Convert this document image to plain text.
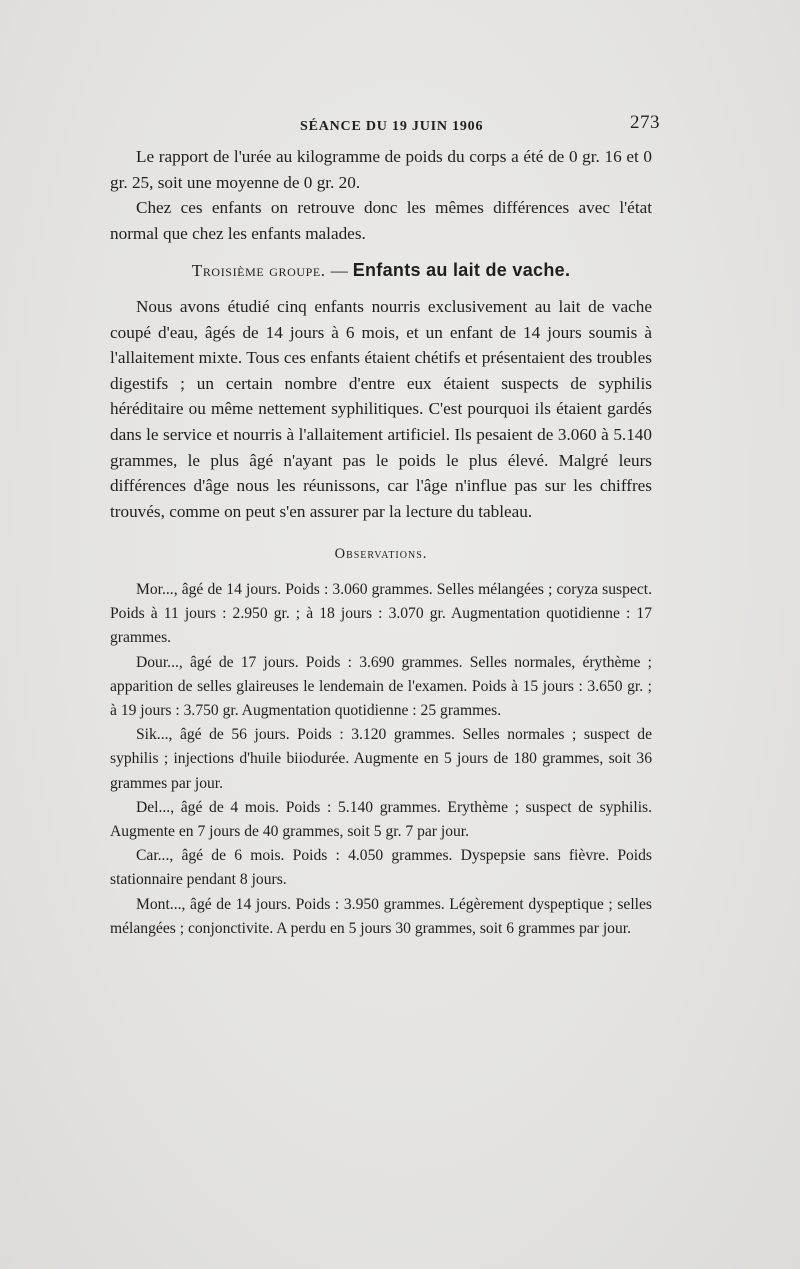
SÉANCE DU 19 JUIN 1906	273

Le rapport de l'urée au kilogramme de poids du corps a été de 0 gr. 16 et 0 gr. 25, soit une moyenne de 0 gr. 20.

Chez ces enfants on retrouve donc les mêmes différences avec l'état normal que chez les enfants malades.

Troisième groupe. — Enfants au lait de vache.

Nous avons étudié cinq enfants nourris exclusivement au lait de vache coupé d'eau, âgés de 14 jours à 6 mois, et un enfant de 14 jours soumis à l'allaitement mixte. Tous ces enfants étaient chétifs et présentaient des troubles digestifs ; un certain nombre d'entre eux étaient suspects de syphilis héréditaire ou même nettement syphilitiques. C'est pourquoi ils étaient gardés dans le service et nourris à l'allaitement artificiel. Ils pesaient de 3.060 à 5.140 grammes, le plus âgé n'ayant pas le poids le plus élevé. Malgré leurs différences d'âge nous les réunissons, car l'âge n'influe pas sur les chiffres trouvés, comme on peut s'en assurer par la lecture du tableau.

Observations.

Mor..., âgé de 14 jours. Poids : 3.060 grammes. Selles mélangées ; coryza suspect. Poids à 11 jours : 2.950 gr. ; à 18 jours : 3.070 gr. Augmentation quotidienne : 17 grammes.

Dour..., âgé de 17 jours. Poids : 3.690 grammes. Selles normales, érythème ; apparition de selles glaireuses le lendemain de l'examen. Poids à 15 jours : 3.650 gr. ; à 19 jours : 3.750 gr. Augmentation quotidienne : 25 grammes.

Sik..., âgé de 56 jours. Poids : 3.120 grammes. Selles normales ; suspect de syphilis ; injections d'huile biiodurée. Augmente en 5 jours de 180 grammes, soit 36 grammes par jour.

Del..., âgé de 4 mois. Poids : 5.140 grammes. Erythème ; suspect de syphilis. Augmente en 7 jours de 40 grammes, soit 5 gr. 7 par jour.

Car..., âgé de 6 mois. Poids : 4.050 grammes. Dyspepsie sans fièvre. Poids stationnaire pendant 8 jours.

Mont..., âgé de 14 jours. Poids : 3.950 grammes. Légèrement dyspeptique ; selles mélangées ; conjonctivite. A perdu en 5 jours 30 grammes, soit 6 grammes par jour.
